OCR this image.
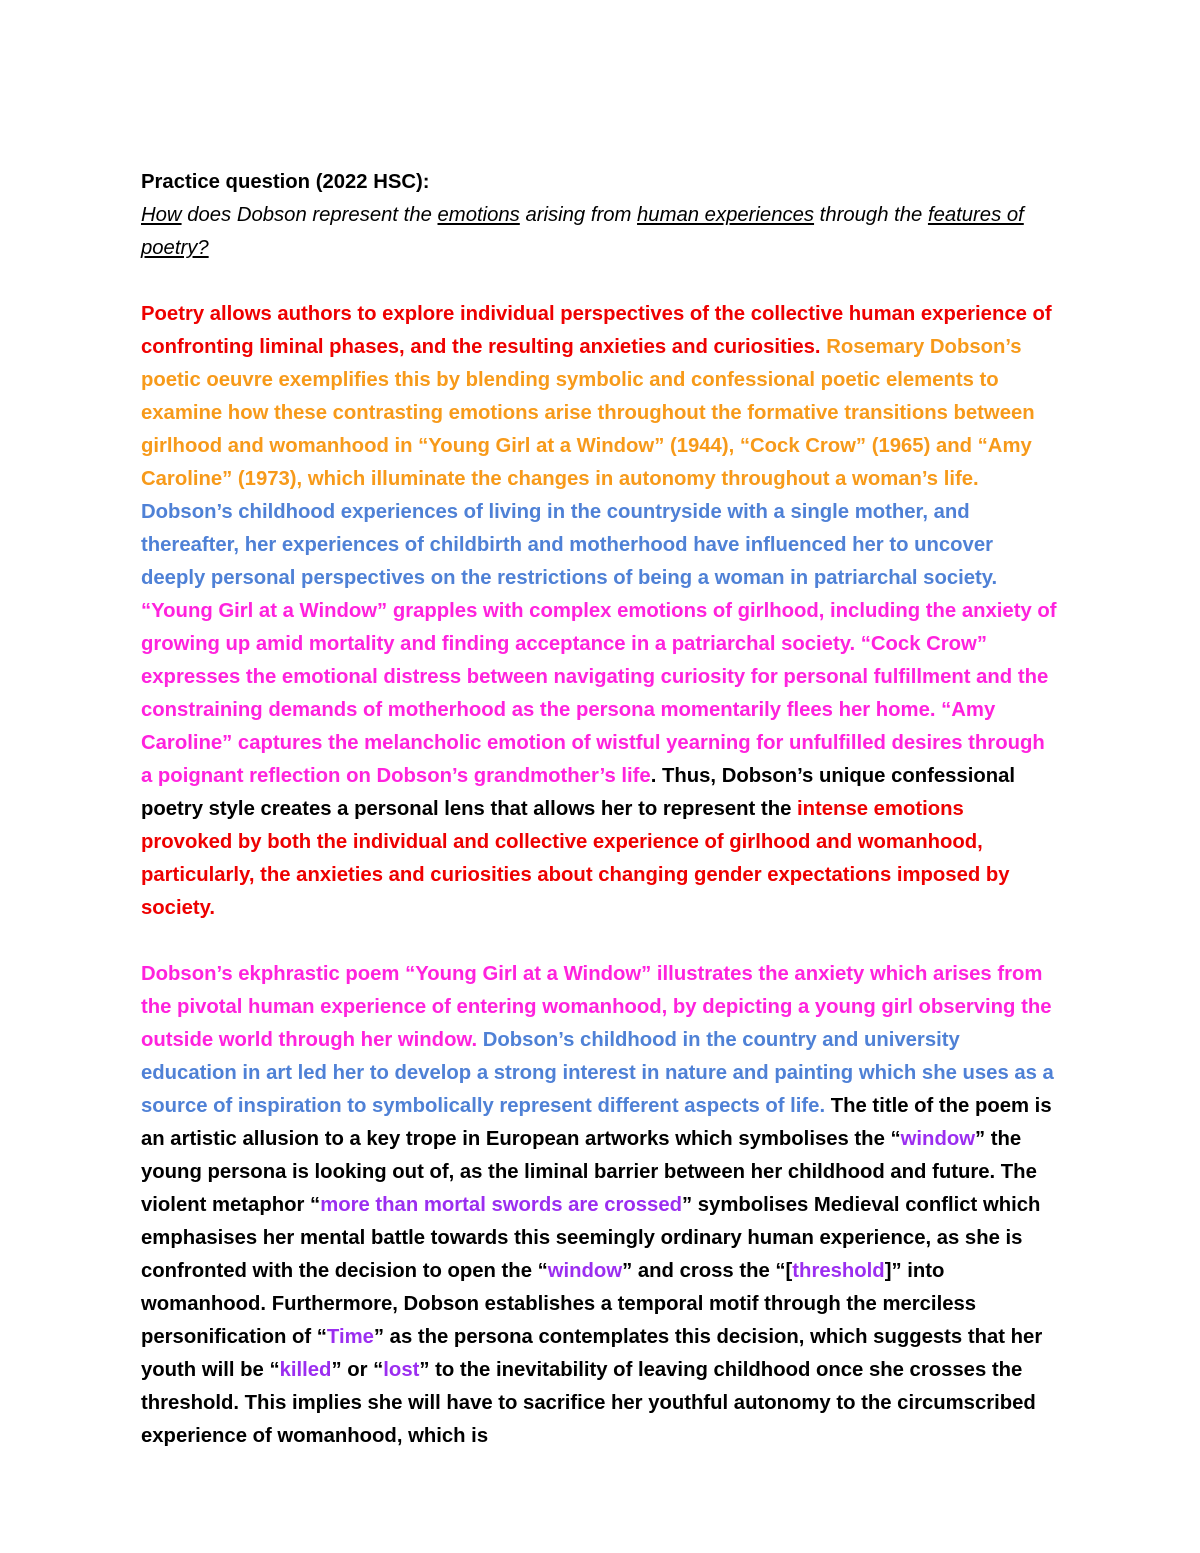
Practice question (2022 HSC):
How does Dobson represent the emotions arising from human experiences through the features of poetry?
Poetry allows authors to explore individual perspectives of the collective human experience of confronting liminal phases, and the resulting anxieties and curiosities. Rosemary Dobson’s poetic oeuvre exemplifies this by blending symbolic and confessional poetic elements to examine how these contrasting emotions arise throughout the formative transitions between girlhood and womanhood in “Young Girl at a Window” (1944), “Cock Crow” (1965) and “Amy Caroline” (1973), which illuminate the changes in autonomy throughout a woman’s life. Dobson’s childhood experiences of living in the countryside with a single mother, and thereafter, her experiences of childbirth and motherhood have influenced her to uncover deeply personal perspectives on the restrictions of being a woman in patriarchal society. “Young Girl at a Window” grapples with complex emotions of girlhood, including the anxiety of growing up amid mortality and finding acceptance in a patriarchal society. “Cock Crow” expresses the emotional distress between navigating curiosity for personal fulfillment and the constraining demands of motherhood as the persona momentarily flees her home. “Amy Caroline” captures the melancholic emotion of wistful yearning for unfulfilled desires through a poignant reflection on Dobson’s grandmother’s life. Thus, Dobson’s unique confessional poetry style creates a personal lens that allows her to represent the intense emotions provoked by both the individual and collective experience of girlhood and womanhood, particularly, the anxieties and curiosities about changing gender expectations imposed by society.
Dobson’s ekphrastic poem “Young Girl at a Window” illustrates the anxiety which arises from the pivotal human experience of entering womanhood, by depicting a young girl observing the outside world through her window. Dobson’s childhood in the country and university education in art led her to develop a strong interest in nature and painting which she uses as a source of inspiration to symbolically represent different aspects of life. The title of the poem is an artistic allusion to a key trope in European artworks which symbolises the “window” the young persona is looking out of, as the liminal barrier between her childhood and future. The violent metaphor “more than mortal swords are crossed” symbolises Medieval conflict which emphasises her mental battle towards this seemingly ordinary human experience, as she is confronted with the decision to open the “window” and cross the “[threshold]” into womanhood. Furthermore, Dobson establishes a temporal motif through the merciless personification of “Time” as the persona contemplates this decision, which suggests that her youth will be “killed” or “lost” to the inevitability of leaving childhood once she crosses the threshold. This implies she will have to sacrifice her youthful autonomy to the circumscribed experience of womanhood, which is
